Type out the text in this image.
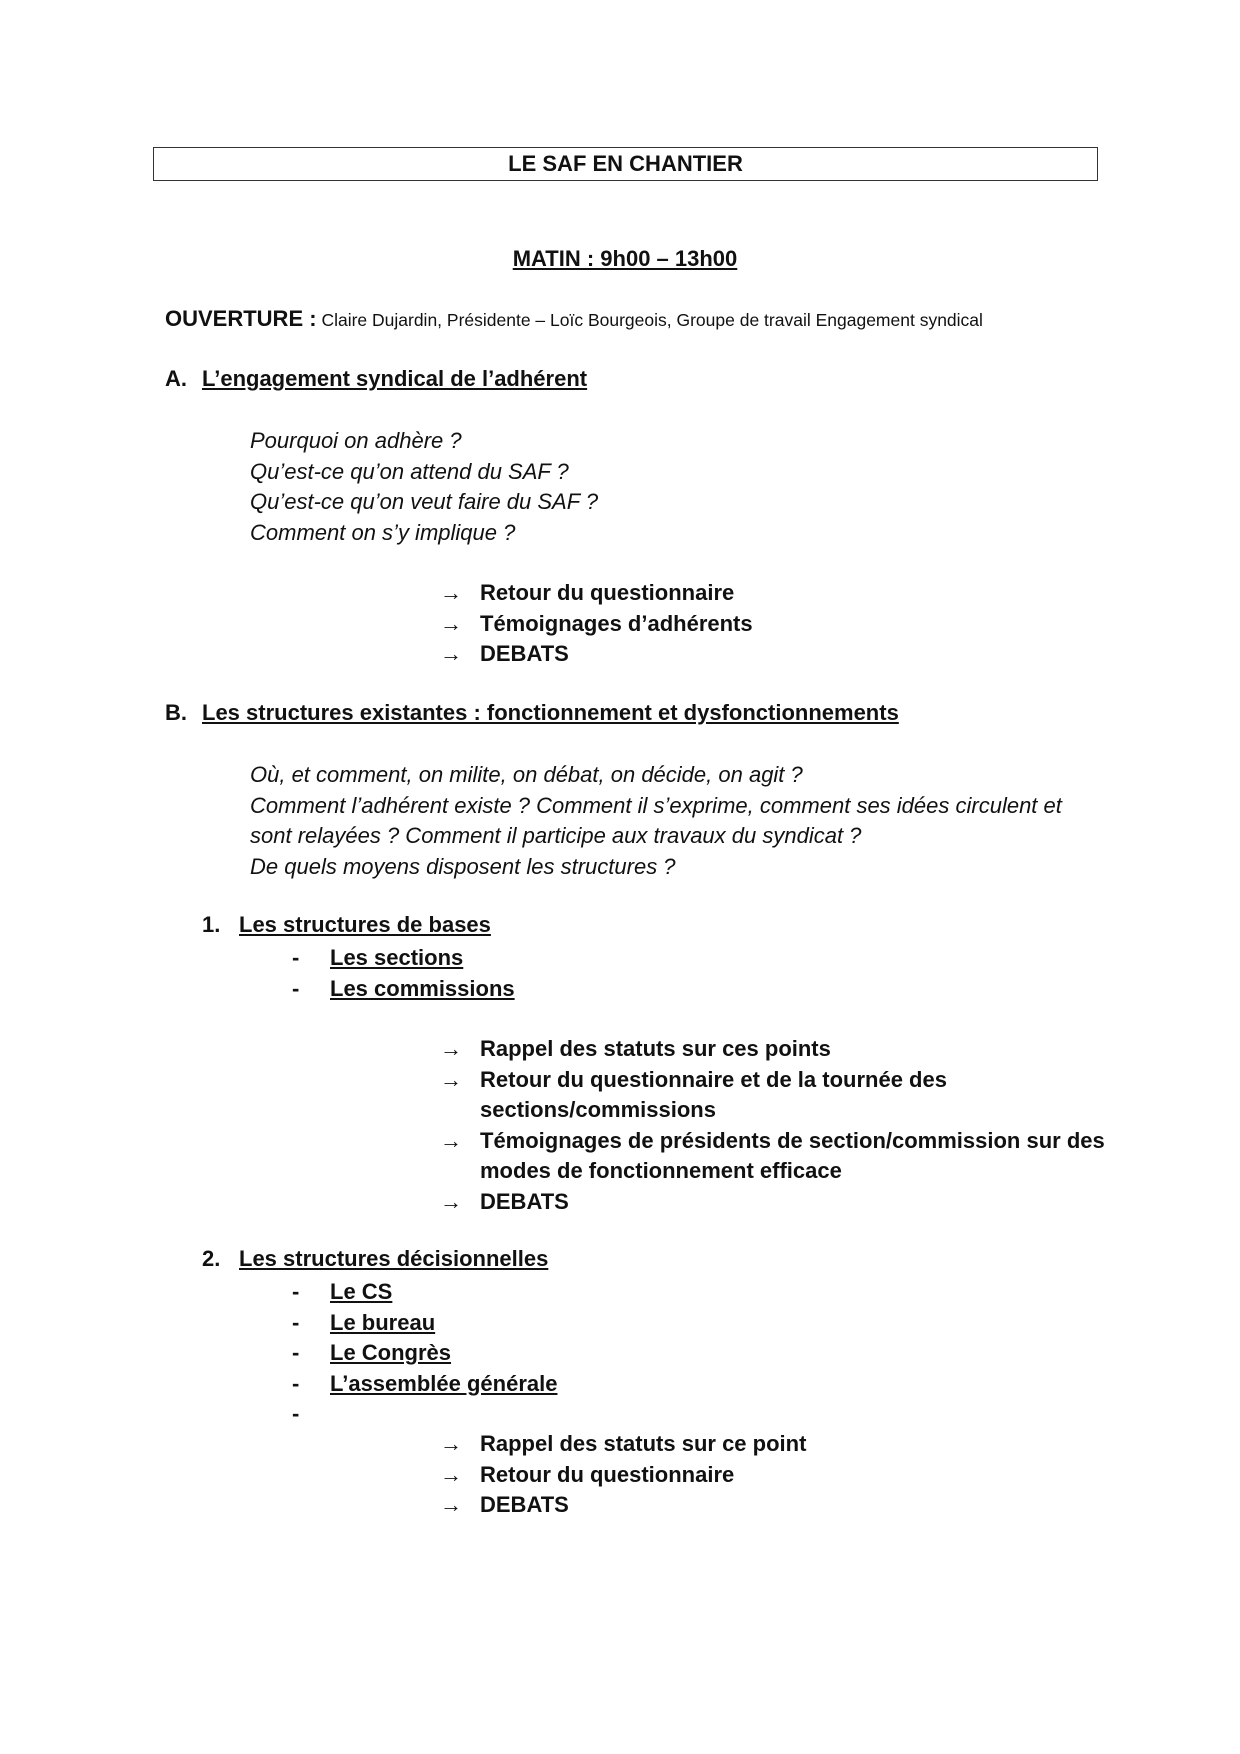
LE SAF EN CHANTIER
MATIN : 9h00 – 13h00
OUVERTURE : Claire Dujardin, Présidente – Loïc Bourgeois, Groupe de travail Engagement syndical
A. L’engagement syndical de l’adhérent
Pourquoi on adhère ?
Qu’est-ce qu’on attend du SAF ?
Qu’est-ce qu’on veut faire du SAF ?
Comment on s’y implique ?
→ Retour du questionnaire
→ Témoignages d’adhérents
→ DEBATS
B. Les structures existantes : fonctionnement et dysfonctionnements
Où, et comment, on milite, on débat, on décide, on agit ?
Comment l’adhérent existe ? Comment il s’exprime, comment ses idées circulent et
sont relayées ? Comment il participe aux travaux du syndicat ?
De quels moyens disposent les structures ?
1. Les structures de bases
-	Les sections
-	Les commissions
→ Rappel des statuts sur ces points
→ Retour du questionnaire et de la tournée des sections/commissions
→ Témoignages de présidents de section/commission sur des modes de fonctionnement efficace
→ DEBATS
2. Les structures décisionnelles
-	Le CS
-	Le bureau
-	Le Congrès
-	L’assemblée générale
-
→ Rappel des statuts sur ce point
→ Retour du questionnaire
→ DEBATS
